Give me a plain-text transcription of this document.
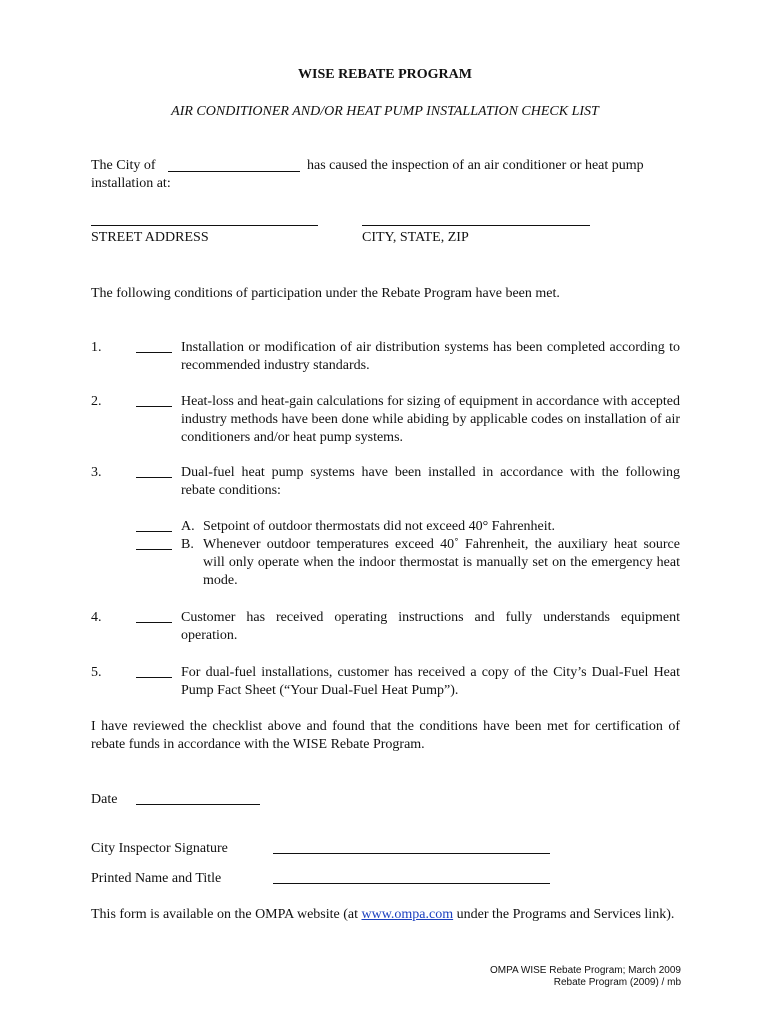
WISE REBATE PROGRAM
AIR CONDITIONER AND/OR HEAT PUMP INSTALLATION CHECK LIST
The City of	has caused the inspection of an air conditioner or heat pump
installation at:
STREET ADDRESS	CITY, STATE, ZIP
The following conditions of participation under the Rebate Program have been met.
1.	Installation or modification of air distribution systems has been completed according to recommended industry standards.
2.	Heat-loss and heat-gain calculations for sizing of equipment in accordance with accepted industry methods have been done while abiding by applicable codes on installation of air conditioners and/or heat pump systems.
3.	Dual-fuel heat pump systems have been installed in accordance with the following rebate conditions:
A. Setpoint of outdoor thermostats did not exceed 40° Fahrenheit.
B. Whenever outdoor temperatures exceed 40˚ Fahrenheit, the auxiliary heat source will only operate when the indoor thermostat is manually set on the emergency heat mode.
4.	Customer has received operating instructions and fully understands equipment operation.
5.	For dual-fuel installations, customer has received a copy of the City’s Dual-Fuel Heat Pump Fact Sheet (“Your Dual-Fuel Heat Pump”).
I have reviewed the checklist above and found that the conditions have been met for certification of rebate funds in accordance with the WISE Rebate Program.
Date
City Inspector Signature
Printed Name and Title
This form is available on the OMPA website (at www.ompa.com under the Programs and Services link).
OMPA WISE Rebate Program; March 2009
Rebate Program (2009) / mb
